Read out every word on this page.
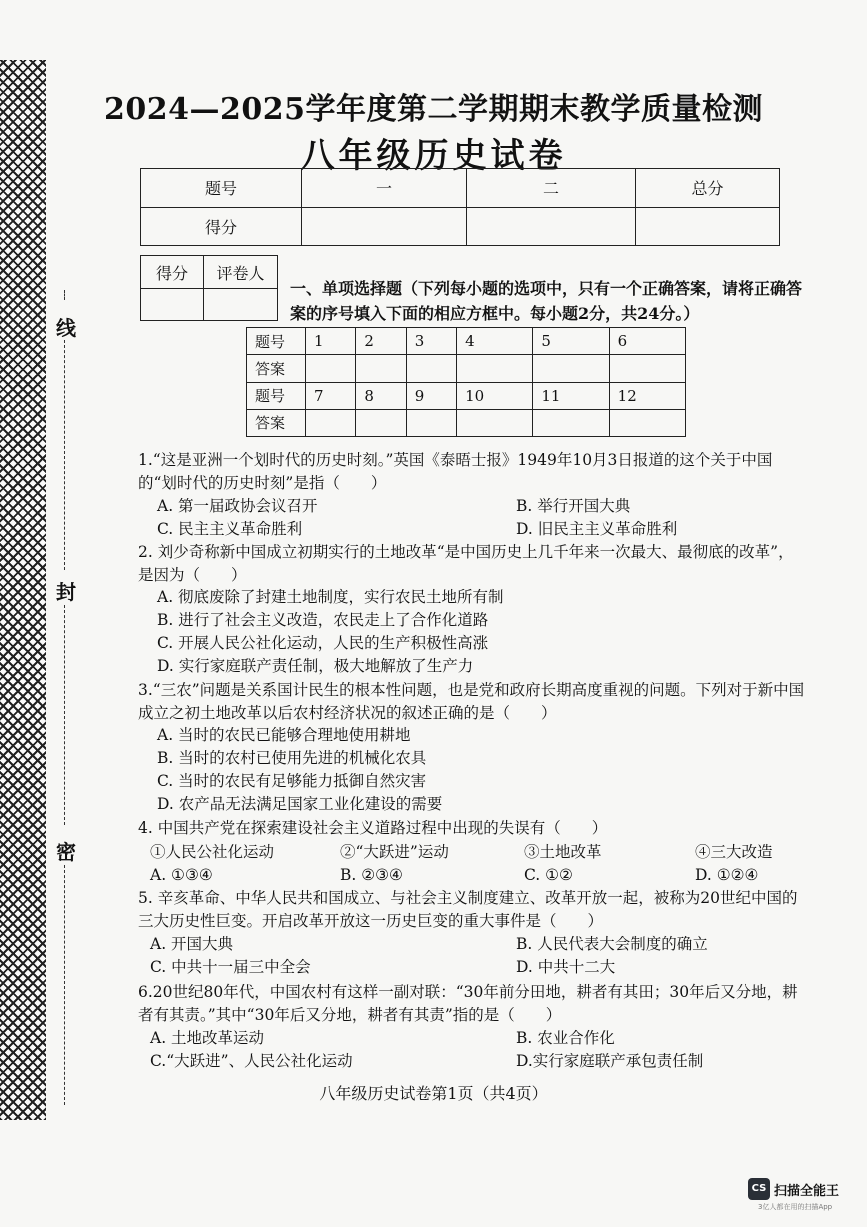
线
封
密
2024—2025学年度第二学期期末教学质量检测
八年级历史试卷
题号	一	二	总分
得分			
得分	评卷人

一、单项选择题（下列每小题的选项中，只有一个正确答案，请将正确答案的序号填入下面的相应方框中。每小题2分，共24分。）

题号	1	2	3	4	5	6
答案						
题号	7	8	9	10	11	12
答案						

1.“这是亚洲一个划时代的历史时刻。”英国《泰晤士报》1949年10月3日报道的这个关于中国的“划时代的历史时刻”是指（　　）

A. 第一届政协会议召开	B. 举行开国大典

C. 民主主义革命胜利	D. 旧民主主义革命胜利

2. 刘少奇称新中国成立初期实行的土地改革“是中国历史上几千年来一次最大、最彻底的改革”，是因为（　　）

A. 彻底废除了封建土地制度，实行农民土地所有制

B. 进行了社会主义改造，农民走上了合作化道路

C. 开展人民公社化运动，人民的生产积极性高涨

D. 实行家庭联产责任制，极大地解放了生产力

3.“三农”问题是关系国计民生的根本性问题，也是党和政府长期高度重视的问题。下列对于新中国成立之初土地改革以后农村经济状况的叙述正确的是（　　）

A. 当时的农民已能够合理地使用耕地

B. 当时的农村已使用先进的机械化农具

C. 当时的农民有足够能力抵御自然灾害

D. 农产品无法满足国家工业化建设的需要

4. 中国共产党在探索建设社会主义道路过程中出现的失误有（　　）

①人民公社化运动	②“大跃进”运动	③土地改革	④三大改造

A. ①③④	B. ②③④	C. ①②	D. ①②④

5. 辛亥革命、中华人民共和国成立、与社会主义制度建立、改革开放一起，被称为20世纪中国的三大历史性巨变。开启改革开放这一历史巨变的重大事件是（　　）

A. 开国大典	B. 人民代表大会制度的确立

C. 中共十一届三中全会	D. 中共十二大

6.20世纪80年代，中国农村有这样一副对联：“30年前分田地，耕者有其田；30年后又分地，耕者有其责。”其中“30年后又分地，耕者有其责”指的是（　　）

A. 土地改革运动	B. 农业合作化

C.“大跃进”、人民公社化运动	D.实行家庭联产承包责任制

八年级历史试卷第1页（共4页）

CS 扫描全能王
3亿人都在用的扫描App
